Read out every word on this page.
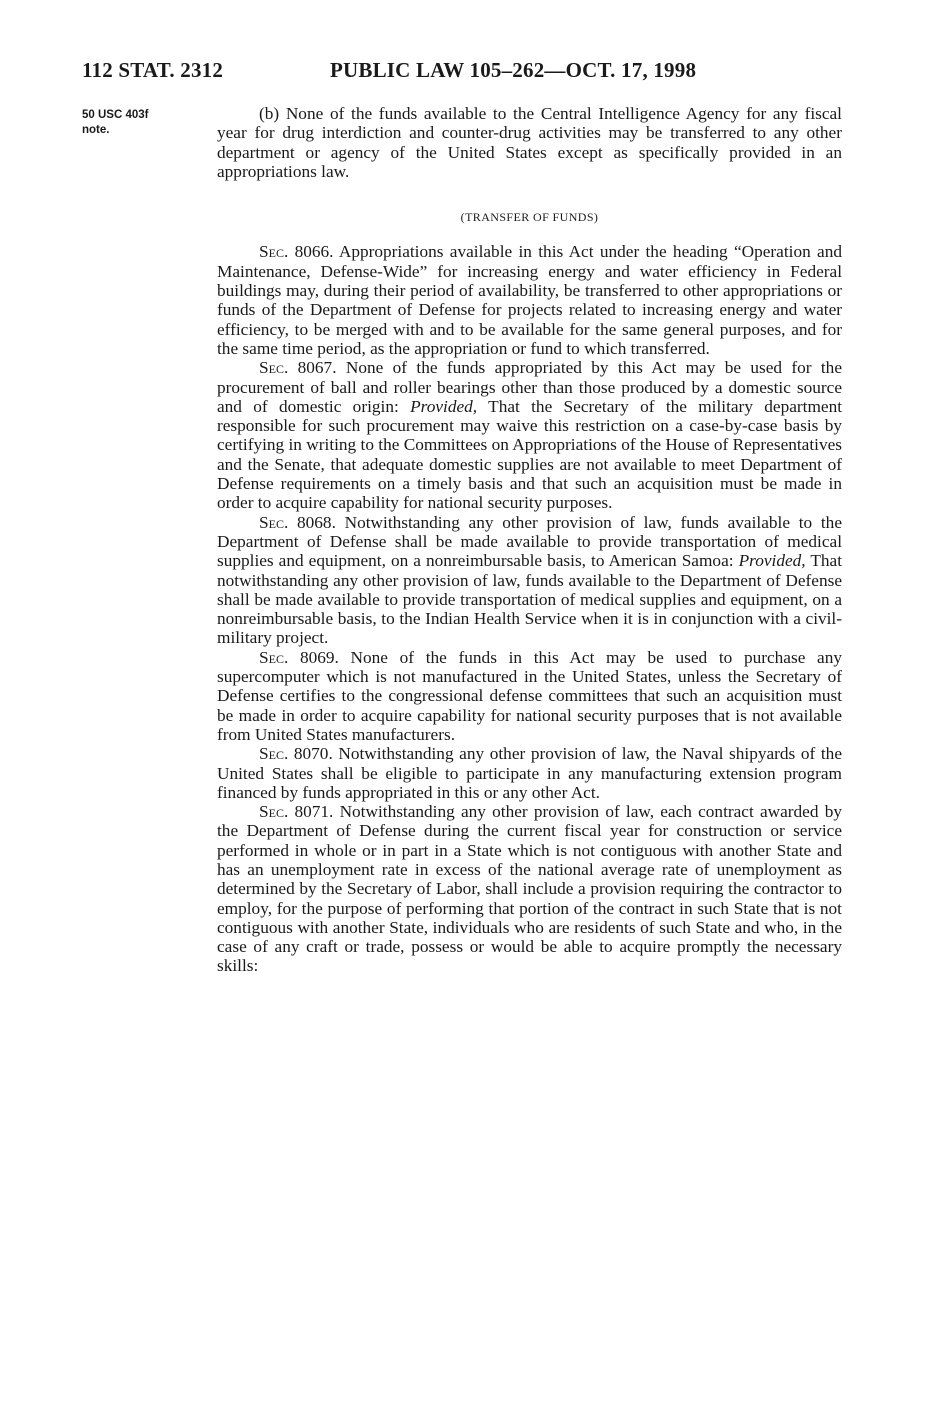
112 STAT. 2312	PUBLIC LAW 105–262—OCT. 17, 1998
50 USC 403f
note.

(b) None of the funds available to the Central Intelligence Agency for any fiscal year for drug interdiction and counter-drug activities may be transferred to any other department or agency of the United States except as specifically provided in an appropriations law.

(TRANSFER OF FUNDS)

Sec. 8066. Appropriations available in this Act under the heading “Operation and Maintenance, Defense-Wide” for increasing energy and water efficiency in Federal buildings may, during their period of availability, be transferred to other appropriations or funds of the Department of Defense for projects related to increasing energy and water efficiency, to be merged with and to be available for the same general purposes, and for the same time period, as the appropriation or fund to which transferred.

Sec. 8067. None of the funds appropriated by this Act may be used for the procurement of ball and roller bearings other than those produced by a domestic source and of domestic origin: Provided, That the Secretary of the military department responsible for such procurement may waive this restriction on a case-by-case basis by certifying in writing to the Committees on Appropriations of the House of Representatives and the Senate, that adequate domestic supplies are not available to meet Department of Defense requirements on a timely basis and that such an acquisition must be made in order to acquire capability for national security purposes.

Sec. 8068. Notwithstanding any other provision of law, funds available to the Department of Defense shall be made available to provide transportation of medical supplies and equipment, on a nonreimbursable basis, to American Samoa: Provided, That notwithstanding any other provision of law, funds available to the Department of Defense shall be made available to provide transportation of medical supplies and equipment, on a nonreimbursable basis, to the Indian Health Service when it is in conjunction with a civil-military project.

Sec. 8069. None of the funds in this Act may be used to purchase any supercomputer which is not manufactured in the United States, unless the Secretary of Defense certifies to the congressional defense committees that such an acquisition must be made in order to acquire capability for national security purposes that is not available from United States manufacturers.

Sec. 8070. Notwithstanding any other provision of law, the Naval shipyards of the United States shall be eligible to participate in any manufacturing extension program financed by funds appropriated in this or any other Act.

Sec. 8071. Notwithstanding any other provision of law, each contract awarded by the Department of Defense during the current fiscal year for construction or service performed in whole or in part in a State which is not contiguous with another State and has an unemployment rate in excess of the national average rate of unemployment as determined by the Secretary of Labor, shall include a provision requiring the contractor to employ, for the purpose of performing that portion of the contract in such State that is not contiguous with another State, individuals who are residents of such State and who, in the case of any craft or trade, possess or would be able to acquire promptly the necessary skills:
